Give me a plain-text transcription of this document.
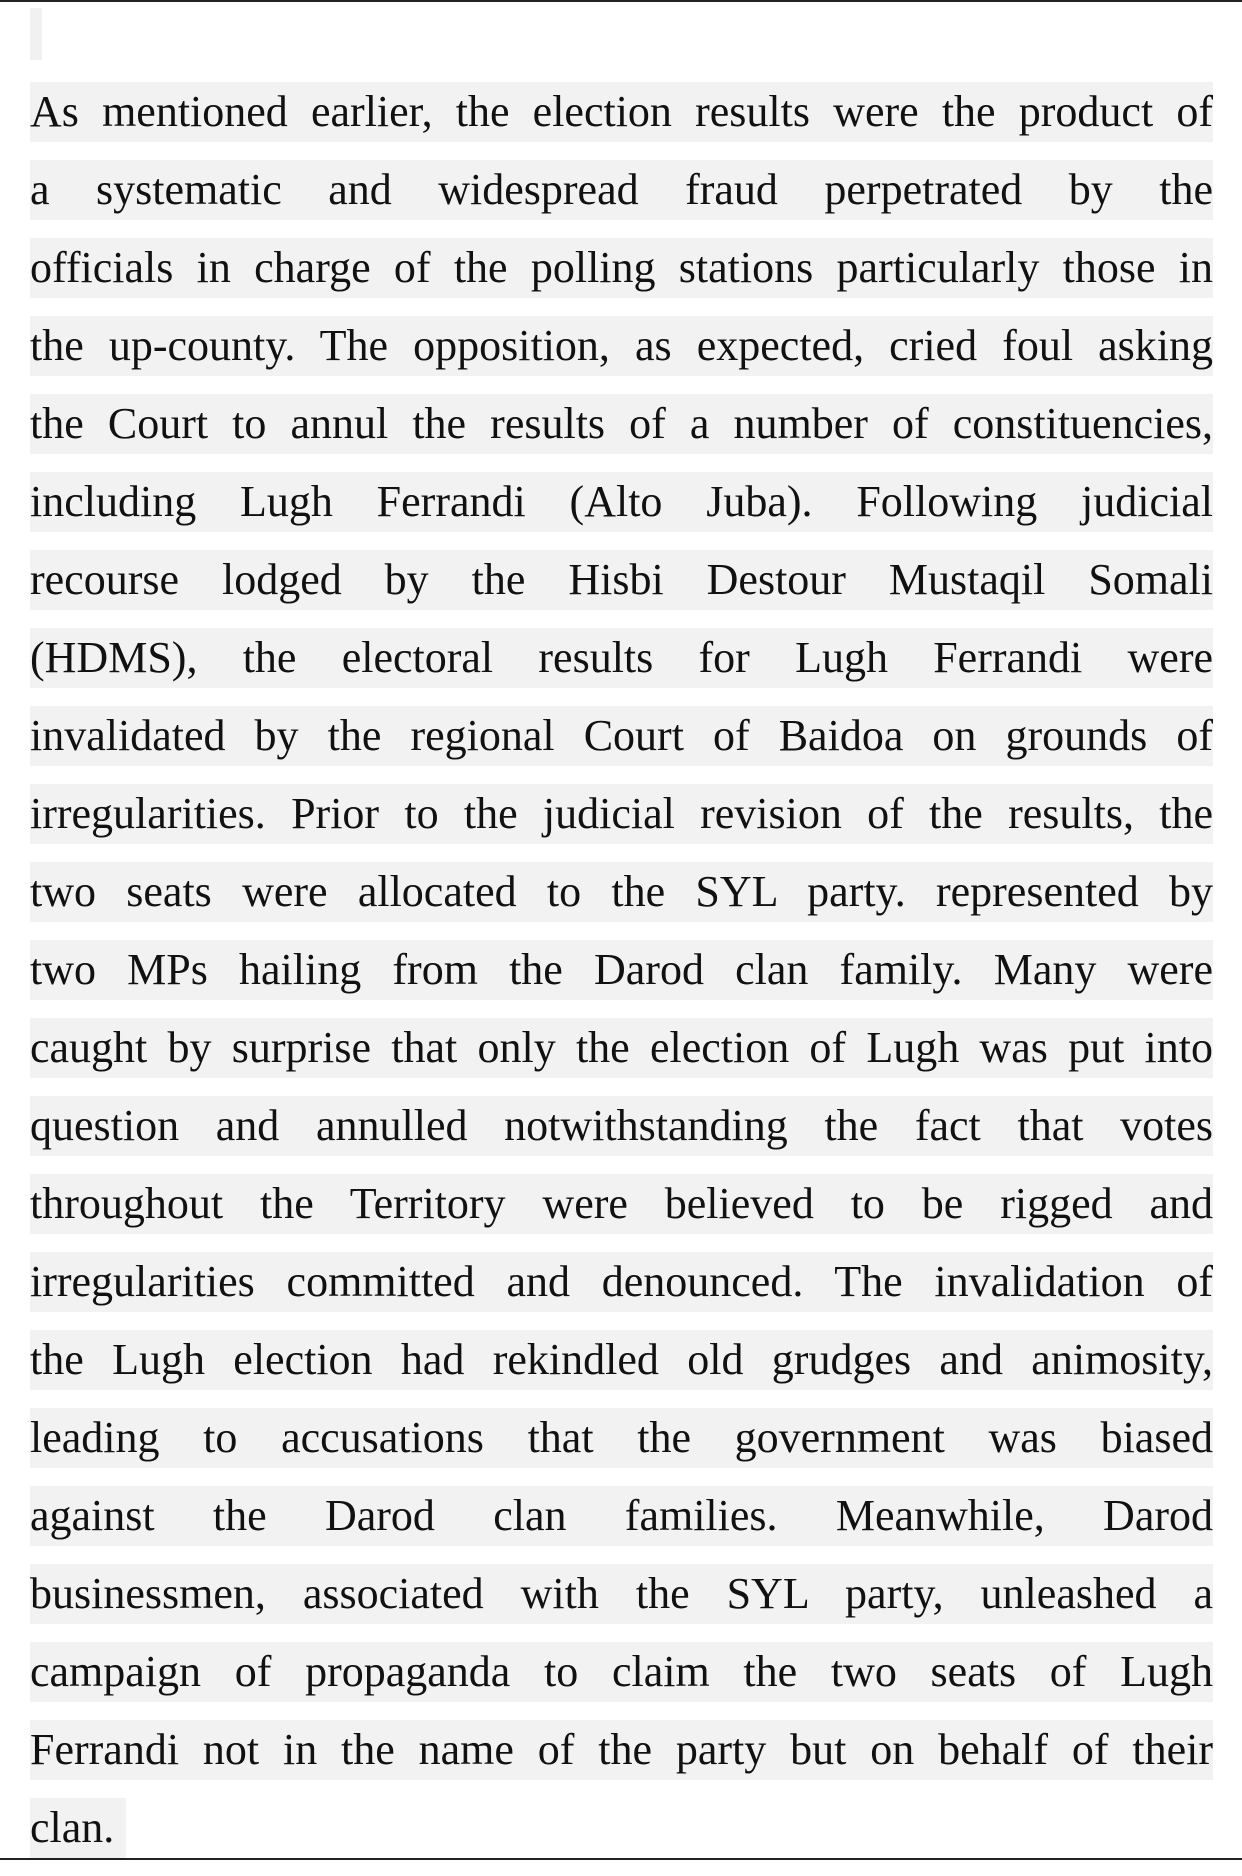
As mentioned earlier, the election results were the product of
a systematic and widespread fraud perpetrated by the
officials in charge of the polling stations particularly those in
the up-county. The opposition, as expected, cried foul asking
the Court to annul the results of a number of constituencies,
including Lugh Ferrandi (Alto Juba). Following judicial
recourse lodged by the Hisbi Destour Mustaqil Somali
(HDMS), the electoral results for Lugh Ferrandi were
invalidated by the regional Court of Baidoa on grounds of
irregularities. Prior to the judicial revision of the results, the
two seats were allocated to the SYL party. represented by
two MPs hailing from the Darod clan family. Many were
caught by surprise that only the election of Lugh was put into
question and annulled notwithstanding the fact that votes
throughout the Territory were believed to be rigged and
irregularities committed and denounced. The invalidation of
the Lugh election had rekindled old grudges and animosity,
leading to accusations that the government was biased
against the Darod clan families. Meanwhile, Darod
businessmen, associated with the SYL party, unleashed a
campaign of propaganda to claim the two seats of Lugh
Ferrandi not in the name of the party but on behalf of their
clan.
